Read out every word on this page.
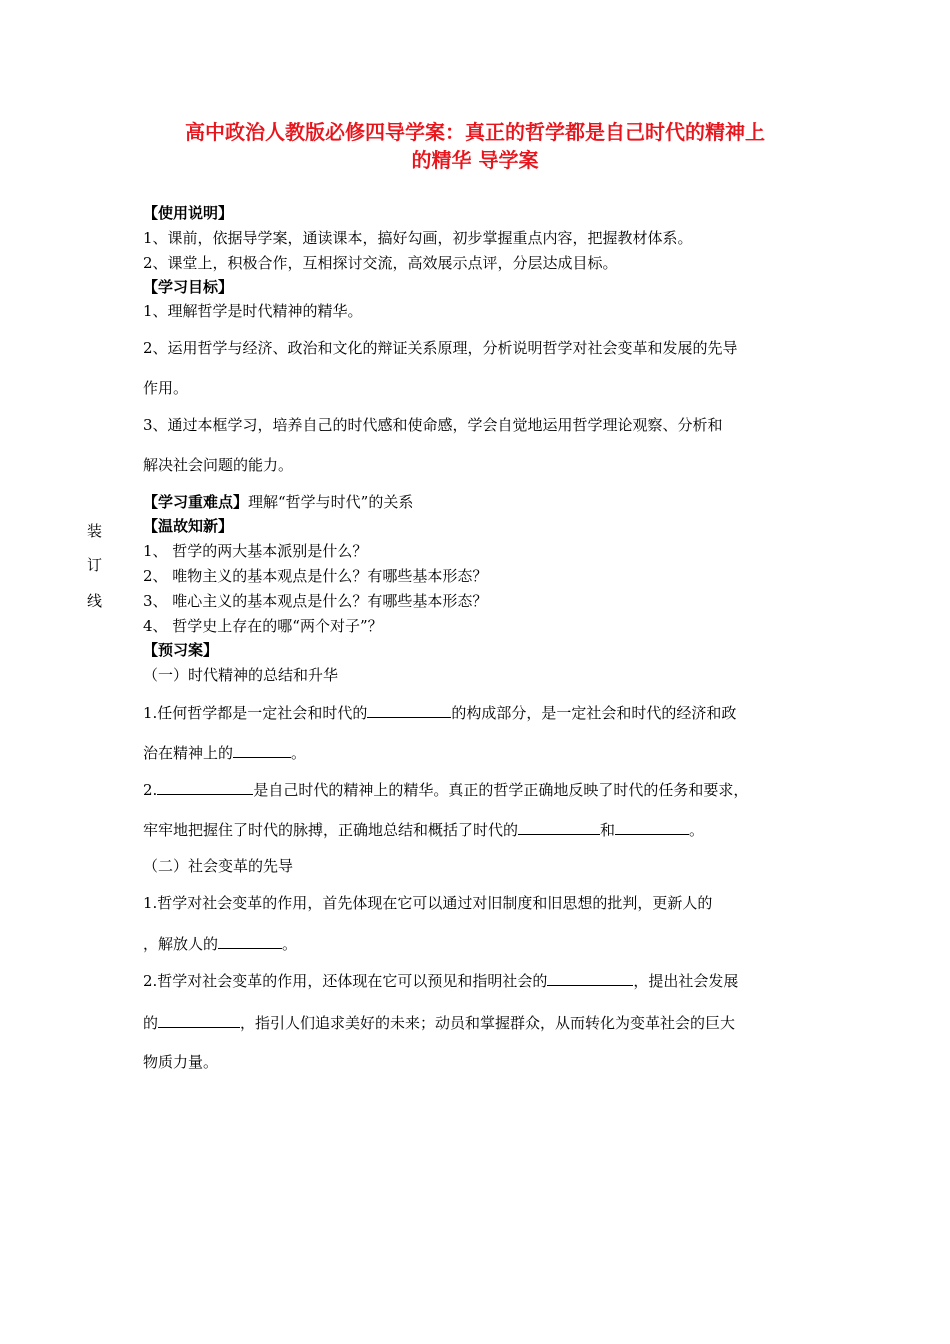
高中政治人教版必修四导学案：真正的哲学都是自己时代的精神上
的精华 导学案
装
订
线
【使用说明】
1、课前，依据导学案，通读课本，搞好勾画，初步掌握重点内容，把握教材体系。
2、课堂上，积极合作，互相探讨交流，高效展示点评，分层达成目标。
【学习目标】
1、理解哲学是时代精神的精华。
2、运用哲学与经济、政治和文化的辩证关系原理，分析说明哲学对社会变革和发展的先导
作用。
3、通过本框学习，培养自己的时代感和使命感，学会自觉地运用哲学理论观察、分析和
解决社会问题的能力。
【学习重难点】理解“哲学与时代”的关系
【温故知新】
1、 哲学的两大基本派别是什么？
2、 唯物主义的基本观点是什么？有哪些基本形态？
3、 唯心主义的基本观点是什么？有哪些基本形态？
4、 哲学史上存在的哪“两个对子”？
【预习案】
（一）时代精神的总结和升华
1.任何哲学都是一定社会和时代的	的构成部分，是一定社会和时代的经济和政
治在精神上的	。
2.	是自己时代的精神上的精华。真正的哲学正确地反映了时代的任务和要求，
牢牢地把握住了时代的脉搏，正确地总结和概括了时代的	和	。
（二）社会变革的先导
1.哲学对社会变革的作用，首先体现在它可以通过对旧制度和旧思想的批判，更新人的
，解放人的	。
2.哲学对社会变革的作用，还体现在它可以预见和指明社会的	，提出社会发展
的	，指引人们追求美好的未来；动员和掌握群众，从而转化为变革社会的巨大
物质力量。
